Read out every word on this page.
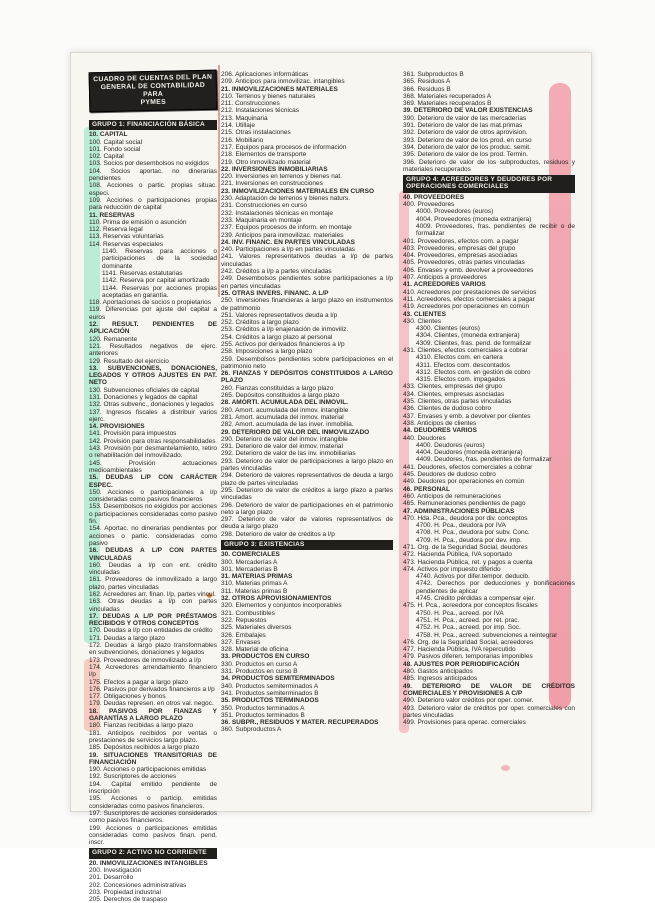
CUADRO DE CUENTAS DEL PLAN
GENERAL DE CONTABILIDAD PARA
PYMES
GRUPO 1: FINANCIACIÓN BÁSICA
10. CAPITAL
100. Capital social
101. Fondo social
102. Capital
103. Socios por desembolsos no exigidos
104. Socios aportac. no dinerarias pendientes
108. Acciones o partic. propias situac. especi.
109. Acciones o participaciones propias para reducción de capital
11. RESERVAS
110. Prima de emisión o asunción
112. Reserva legal
113. Reservas voluntarias
114. Reservas especiales
1140. Reservas para acciones o participaciones de la sociedad dominante
1141. Reservas estatutarias
1142. Reserva por capital amortizado
1144. Reservas por acciones propias aceptadas en garantía.
118. Aportaciones de socios o propietarios
119. Diferencias por ajuste del capital a euros
12. RESULT. PENDIENTES DE APLICACIÓN
120. Remanente
121. Resultados negativos de ejerc. anteriores
129. Resultado del ejercicio
13. SUBVENCIONES, DONACIONES, LEGADOS Y OTROS AJUSTES EN PAT. NETO
130. Subvenciones oficiales de capital
131. Donaciones y legados de capital
132. Otras subvenc., donaciones y legados
137. Ingresos fiscales a distribuir varios ejerc.
14. PROVISIONES
141. Provisión para impuestos
142. Provisión para otras responsabilidades
143. Provisión por desmantelamiento, retiro o rehabilitación del inmovilizado.
145. Provisión actuaciones medioambientales
15. DEUDAS L/P CON CARÁCTER ESPEC.
150. Acciones o participaciones a l/p consideradas como pasivos financieros
153. Desembolsos no exigidos por acciones o participaciones consideradas como pasivo fin.
154. Aportac. no dinerarias pendientes por acciones o partic. consideradas como pasivo
16. DEUDAS A L/P CON PARTES VINCULADAS
160. Deudas a l/p con ent. crédito vinculadas
161. Proveedores de inmovilizado a largo plazo, partes vinculadas
162. Acreedores arr. finan. l/p, partes vincul.
163. Otras deudas a l/p con partes vinculadas
17. DEUDAS A L/P POR PRÉSTAMOS RECIBIDOS Y OTROS CONCEPTOS
170. Deudas a l/p con entidades de crédito
171. Deudas a largo plazo
172. Deudas a largo plazo transformables en subvenciones, donaciones y legados
173. Proveedores de inmovilizado a l/p
174. Acreedores arrendamiento financiero l/p
175. Efectos a pagar a largo plazo
176. Pasivos por derivados financieros a l/p
177. Obligaciones y bonos
179. Deudas represen. en otros val. negoc.
18. PASIVOS POR FIANZAS Y GARANTÍAS A LARGO PLAZO
180. Fianzas recibidas a largo plazo
181. Anticipos recibidos por ventas o prestaciones de servicios largo plazo.
185. Depósitos recibidos a largo plazo
19. SITUACIONES TRANSITORIAS DE FINANCIACIÓN
190. Acciones o participaciones emitidas
192. Suscriptores de acciones
194. Capital emitido pendiente de inscripción
195. Acciones o particip. emitidas consideradas como pasivos financieros.
197. Suscriptores de acciones considerados como pasivos financieros.
199. Acciones o participaciones emitidas consideradas como pasivos finan. pend. inscr.
GRUPO 2: ACTIVO NO CORRIENTE
20. INMOVILIZACIONES INTANGIBLES
200. Investigación
201. Desarrollo
202. Concesiones administrativas
203. Propiedad industrial
205. Derechos de traspaso
206. Aplicaciones informáticas
209. Anticipos para inmovilizac. intangibles
21. INMOVILIZACIONES MATERIALES
210. Terrenos y bienes naturales
211. Construcciones
212. Instalaciones técnicas
213. Maquinaria
214. Utillaje
215. Otras instalaciones
216. Mobiliario
217. Equipos para procesos de información
218. Elementos de transporte
219. Otro inmovilizado material
22. INVERSIONES INMOBILIARIAS
220. Inversiones en terrenos y bienes nat.
221. Inversiones en construcciones
23. INMOVILIZACIONES MATERIALES EN CURSO
230. Adaptación de terrenos y bienes naturs.
231. Construcciones en curso
232. Instalaciones técnicas en montaje
233. Maquinaria en montaje
237. Equipos procesos de inform. en montaje
239. Anticipos para inmovilizac. materiales
24. INV. FINANC. EN PARTES VINCULADAS
240. Participaciones a l/p en partes vinculadas
241. Valores representativos deudas a l/p de partes vinculadas
242. Créditos a l/p a partes vinculadas
249. Desembolsos pendientes sobre participaciones a l/p en partes vinculadas
25. OTRAS INVERS. FINANC. A L/P
250. Inversiones financieras a largo plazo en instrumentos de patrimonio
251. Valores representativos deuda a l/p
252. Créditos a largo plazo
253. Créditos a l/p enajenación de inmoviliz.
254. Créditos a largo plazo al personal
255. Activos por derivados financieros a l/p
258. Imposiciones a largo plazo
259. Desembolsos pendientes sobre participaciones en el patrimonio neto
26. FIANZAS Y DEPÓSITOS CONSTITUIDOS A LARGO PLAZO
260. Fianzas constituidas a largo plazo
265. Depósitos constituidos a largo plazo
28. AMORTI. ACUMULADA DEL INMOVIL.
280. Amort. acumulada del inmov. intangible
281. Amort. acumulada del inmov. material
282. Amort. acumulada de las inver. inmobilia.
29. DETERIORO DE VALOR DEL INMOVILIZADO
290. Deterioro de valor del inmov. intangible
291. Deterioro de valor del inmov. material
292. Deterioro de valor de las inv. inmobiliarias
293. Deterioro de valor de participaciones a largo plazo en partes vinculadas
294. Deterioro de valores representativos de deuda a largo plazo de partes vinculadas
295. Deterioro de valor de créditos a largo plazo a partes vinculadas
296. Deterioro de valor de participaciones en el patrimonio neto a largo plazo
297. Deterioro de valor de valores representativos de deuda a largo plazo
298. Deterioro de valor de créditos a l/p
GRUPO 3: EXISTENCIAS
30. COMERCIALES
300. Mercaderías A
301. Mercaderías B
31. MATERIAS PRIMAS
310. Materias primas A
311. Materias primas B
32. OTROS APROVISIONAMIENTOS
320. Elementos y conjuntos incorporables
321. Combustibles
322. Repuestos
325. Materiales diversos
326. Embalajes
327. Envases
328. Material de oficina
33. PRODUCTOS EN CURSO
330. Productos en curso A
331. Productos en curso B
34. PRODUCTOS SEMITERMINADOS
340. Productos semiterminados A
341. Productos semiterminados B
35. PRODUCTOS TERMINADOS
350. Productos terminados A
351. Productos terminados B
36. SUBPR., RESIDUOS Y MATER. RECUPERADOS
360. Subproductos A
361. Subproductos B
365. Residuos A
366. Residuos B
368. Materiales recuperados A
369. Materiales recuperados B
39. DETERIORO DE VALOR EXISTENCIAS
390. Deterioro de valor de las mercaderías
391. Deterioro de valor de las mat.primas
392. Deterioro de valor de otros aprovision.
393. Deterioro de valor de los prod. en curso
394. Deterioro de valor de los produc. semit.
395. Deterioro de valor de los prod. Termin.
396. Deterioro de valor de los subproductos, residuos y materiales recuperados
GRUPO 4: ACREEDORES Y DEUDORES POR OPERACIONES COMERCIALES
40. PROVEEDORES
400. Proveedores
4000. Proveedores (euros)
4004. Proveedores (moneda extranjera)
4009. Proveedores, fras. pendientes de recibir o de formalizar
401. Proveedores, efectos com. a pagar
403. Proveedores, empresas del grupo
404. Proveedores, empresas asociadas
405. Proveedores, otras partes vinculadas
406. Envases y emb. devolver a proveedores
407. Anticipos a proveedores
41. ACREEDORES VARIOS
410. Acreedores por prestaciones de servicios
411. Acreedores, efectos comerciales a pagar
419. Acreedores por operaciones en común
43. CLIENTES
430. Clientes
4300. Clientes (euros)
4304. Clientes, (moneda extranjera)
4309. Clientes, fras. pend. de formalizar
431. Clientes, efectos comerciales a cobrar
4310. Efectos com. en cartera
4311. Efectos com. descontados
4312. Efectos com. en gestión de cobro
4315. Efectos com. impagados
433. Clientes, empresas del grupo
434. Clientes, empresas asociadas
435. Clientes, otras partes vinculadas
436. Clientes de dudoso cobro
437. Envases y emb. a devolver por clientes
438. Anticipos de clientes
44. DEUDORES VARIOS
440. Deudores
4400. Deudores (euros)
4404. Deudores (moneda extranjera)
4409. Deudores, fras. pendientes de formalizar
441. Deudores, efectos comerciales a cobrar
445. Deudores de dudoso cobro
449. Deudores por operaciones en común
46. PERSONAL
460. Anticipos de remuneraciones
465. Remuneraciones pendientes de pago
47. ADMINISTRACIONES PÚBLICAS
470. Hda. Pca., deudora por div. conceptos
4700. H. Pca., deudora por IVA
4708. H. Pca., deudora por subv. Conc.
4709. H. Pca., deudora por dev. imp.
471. Org. de la Seguridad Social, deudores
472. Hacienda Pública, IVA soportado
473. Hacienda Pública, ret. y pagos a cuenta
474. Activos por impuesto diferido
4740. Activos por difer.tempor. deducib.
4742. Derechos por deducciones y bonificaciones pendientes de aplicar
4745. Crédito pérdidas a compensar ejer.
475. H. Pca., acreedora por conceptos fiscales
4750. H. Pca., acreed. por IVA
4751. H. Pca., acreed. por ret. prac.
4752. H. Pca., acreed. por imp. Soc.
4758. H. Pca., acreed. subvenciones a reintegrar
476. Org. de la Seguridad Social, acreedores
477. Hacienda Pública, IVA repercutido
479. Pasivos diferen. temporarias imponibles
48. AJUSTES POR PERIODIFICACIÓN
480. Gastos anticipados
485. Ingresos anticipados
49. DETERIORO DE VALOR DE CRÉDITOS COMERCIALES Y PROVISIONES A C/P
490. Deterioro valor créditos por oper. comer.
493. Deterioro valor de créditos por oper. comerciales con partes vinculadas
499. Provisiones para operac. comerciales
